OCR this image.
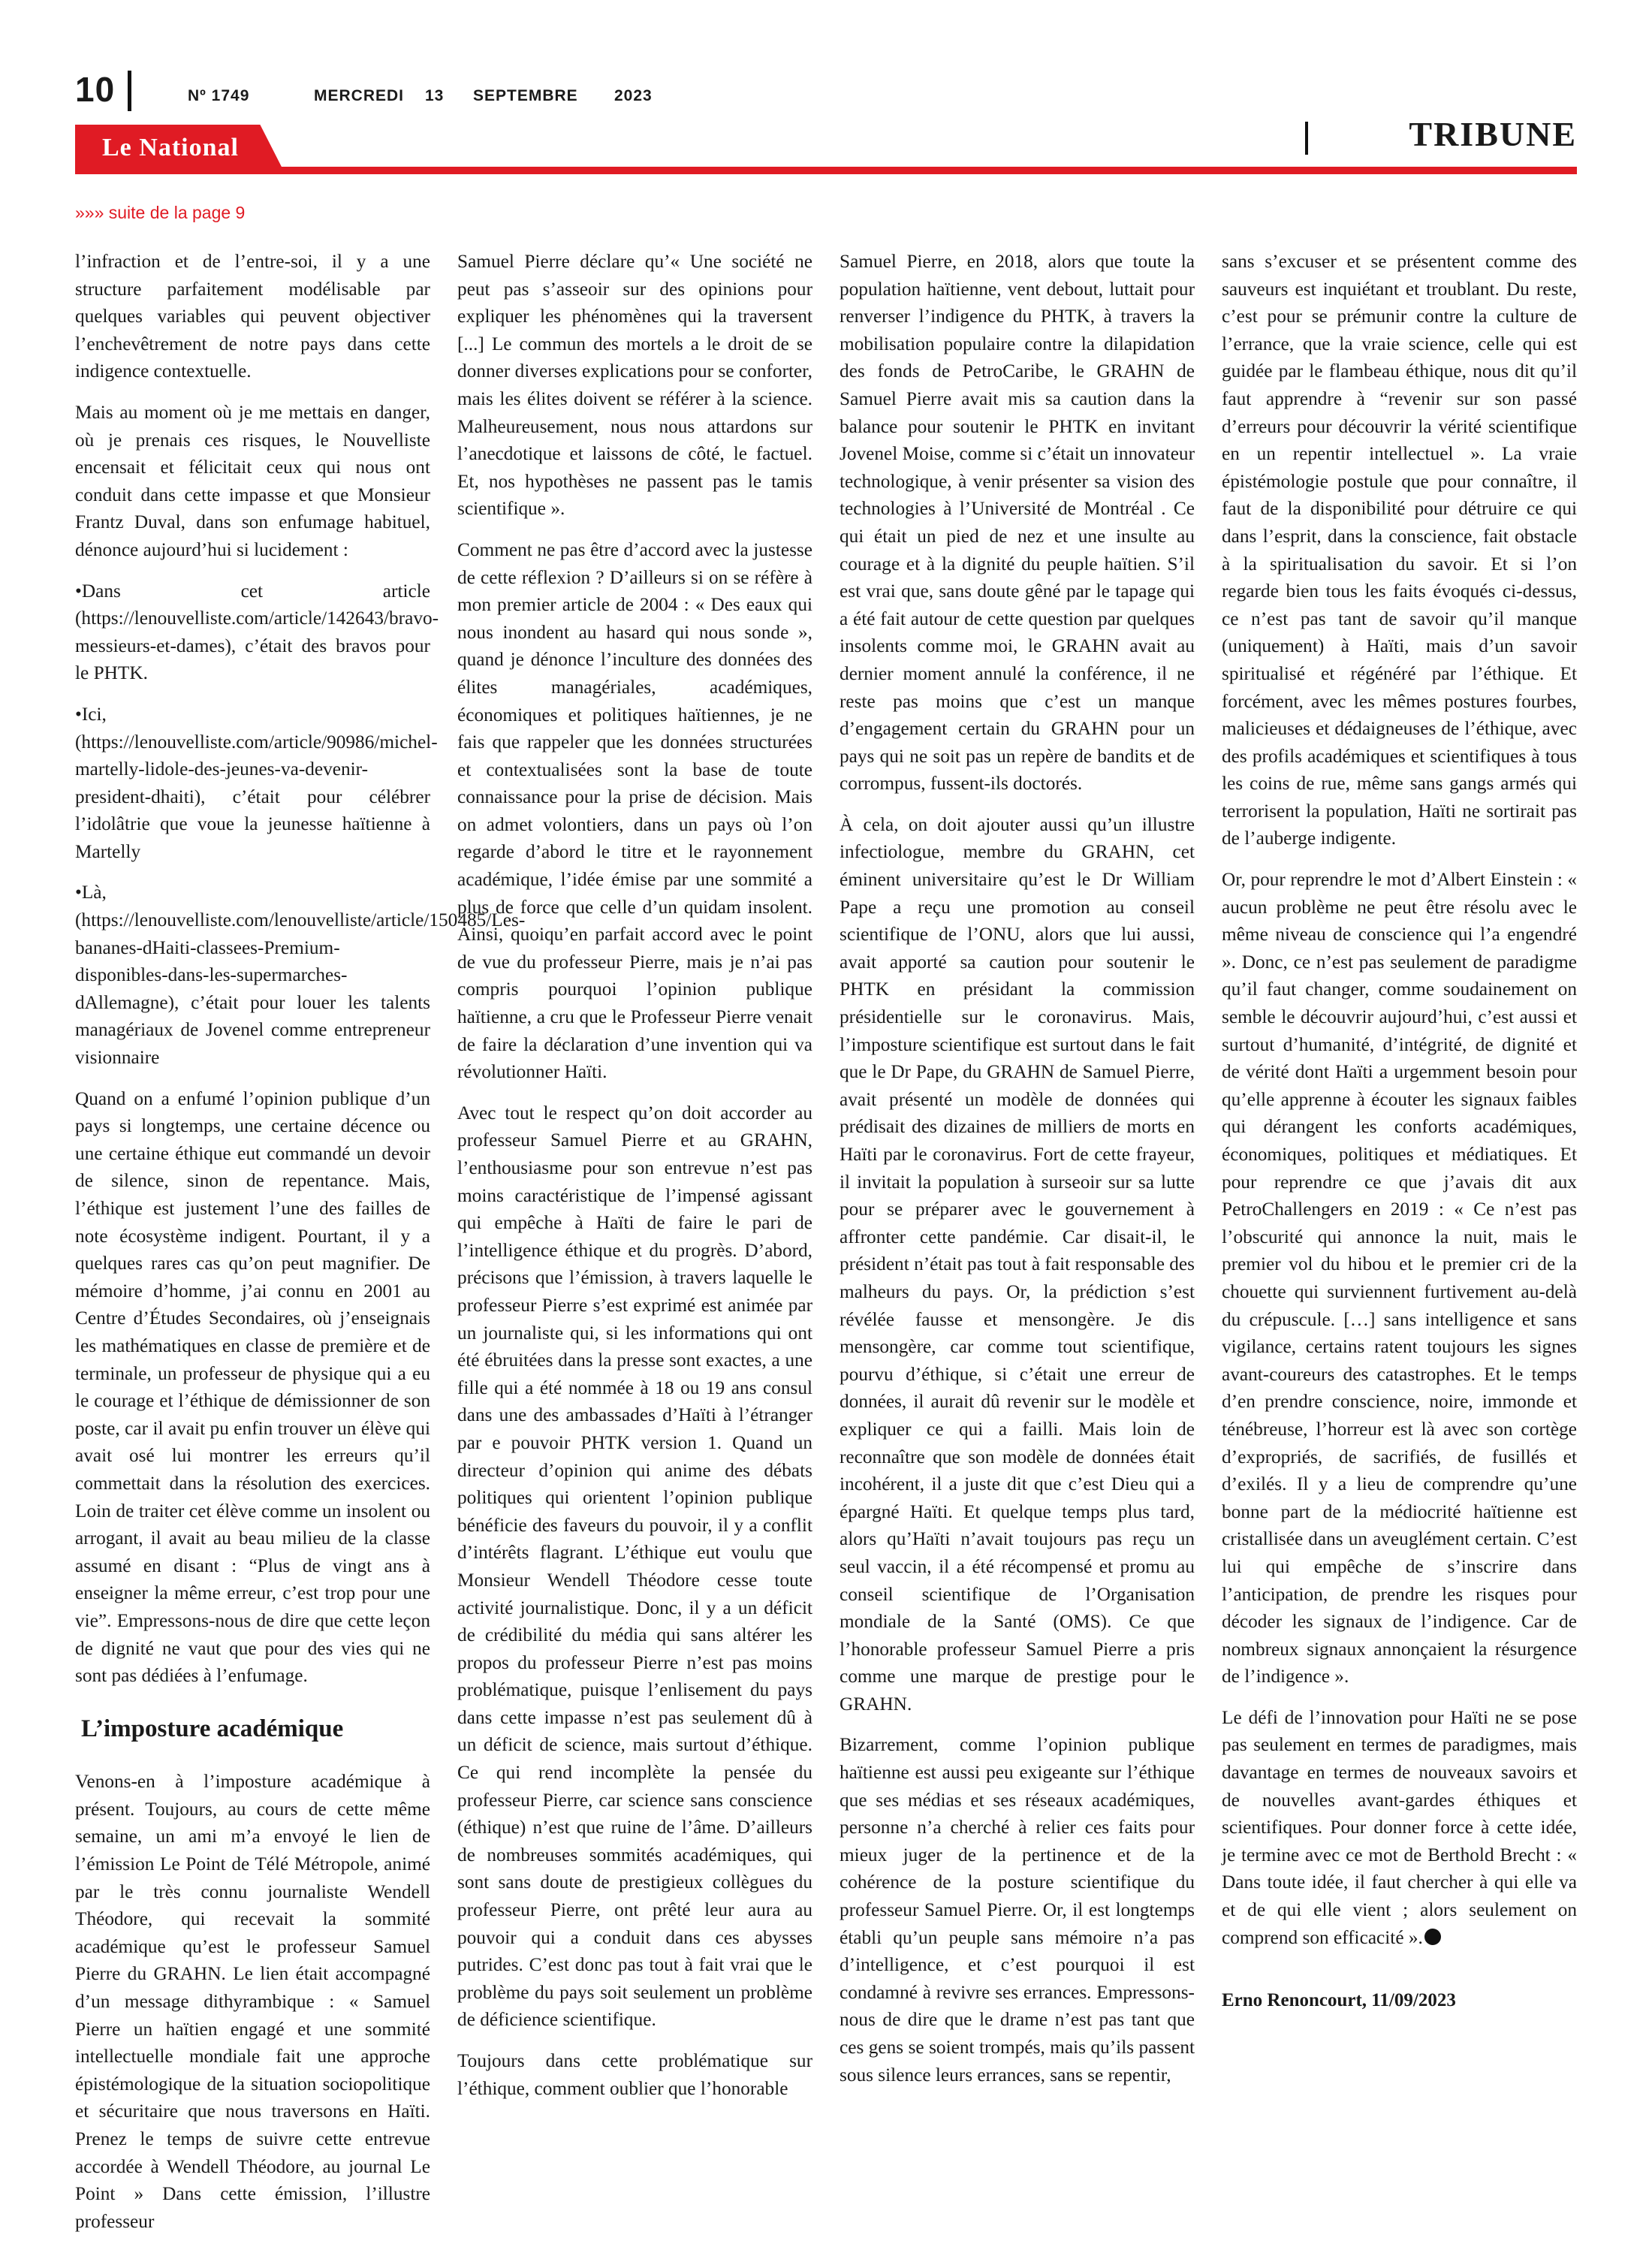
10	Nº 1749	MERCREDI 13 SEPTEMBRE 2023
Le National	TRIBUNE
»»» suite de la page 9

l’infraction et de l’entre-soi, il y a une structure parfaitement modélisable par quelques variables qui peuvent objectiver l’enchevêtrement de notre pays dans cette indigence contextuelle.

Mais au moment où je me mettais en danger, où je prenais ces risques, le Nouvelliste encensait et félicitait ceux qui nous ont conduit dans cette impasse et que Monsieur Frantz Duval, dans son enfumage habituel, dénonce aujourd’hui si lucidement :

•Dans cet article (https://lenouvelliste.com/article/142643/bravo-messieurs-et-dames), c’était des bravos pour le PHTK.

•Ici,(https://lenouvelliste.com/article/90986/michel-martelly-lidole-des-jeunes-va-devenir-president-dhaiti), c’était pour célébrer l’idolâtrie que voue la jeunesse haïtienne à Martelly

•Là,(https://lenouvelliste.com/lenouvelliste/article/150485/Les-bananes-dHaiti-classees-Premium-disponibles-dans-les-supermarches-dAllemagne), c’était pour louer les talents managériaux de Jovenel comme entrepreneur visionnaire

Quand on a enfumé l’opinion publique d’un pays si longtemps, une certaine décence ou une certaine éthique eut commandé un devoir de silence, sinon de repentance. Mais, l’éthique est justement l’une des failles de note écosystème indigent. Pourtant, il y a quelques rares cas qu’on peut magnifier. De mémoire d’homme, j’ai connu en 2001 au Centre d’Études Secondaires, où j’enseignais les mathématiques en classe de première et de terminale, un professeur de physique qui a eu le courage et l’éthique de démissionner de son poste, car il avait pu enfin trouver un élève qui avait osé lui montrer les erreurs qu’il commettait dans la résolution des exercices. Loin de traiter cet élève comme un insolent ou arrogant, il avait au beau milieu de la classe assumé en disant : “Plus de vingt ans à enseigner la même erreur, c’est trop pour une vie”. Empressons-nous de dire que cette leçon de dignité ne vaut que pour des vies qui ne sont pas dédiées à l’enfumage.

L’imposture académique

Venons-en à l’imposture académique à présent. Toujours, au cours de cette même semaine, un ami m’a envoyé le lien de l’émission Le Point de Télé Métropole, animé par le très connu journaliste Wendell Théodore, qui recevait la sommité académique qu’est le professeur Samuel Pierre du GRAHN. Le lien était accompagné d’un message dithyrambique : « Samuel Pierre un haïtien engagé et une sommité intellectuelle mondiale fait une approche épistémologique de la situation sociopolitique et sécuritaire que nous traversons en Haïti. Prenez le temps de suivre cette entrevue accordée à Wendell Théodore, au journal Le Point » Dans cette émission, l’illustre professeur

Samuel Pierre déclare qu’« Une société ne peut pas s’asseoir sur des opinions pour expliquer les phénomènes qui la traversent [...] Le commun des mortels a le droit de se donner diverses explications pour se conforter, mais les élites doivent se référer à la science. Malheureusement, nous nous attardons sur l’anecdotique et laissons de côté, le factuel. Et, nos hypothèses ne passent pas le tamis scientifique ».

Comment ne pas être d’accord avec la justesse de cette réflexion ? D’ailleurs si on se réfère à mon premier article de 2004 : « Des eaux qui nous inondent au hasard qui nous sonde », quand je dénonce l’inculture des données des élites managériales, académiques, économiques et politiques haïtiennes, je ne fais que rappeler que les données structurées et contextualisées sont la base de toute connaissance pour la prise de décision. Mais on admet volontiers, dans un pays où l’on regarde d’abord le titre et le rayonnement académique, l’idée émise par une sommité a plus de force que celle d’un quidam insolent. Ainsi, quoiqu’en parfait accord avec le point de vue du professeur Pierre, mais je n’ai pas compris pourquoi l’opinion publique haïtienne, a cru que le Professeur Pierre venait de faire la déclaration d’une invention qui va révolutionner Haïti.

Avec tout le respect qu’on doit accorder au professeur Samuel Pierre et au GRAHN, l’enthousiasme pour son entrevue n’est pas moins caractéristique de l’impensé agissant qui empêche à Haïti de faire le pari de l’intelligence éthique et du progrès. D’abord, précisons que l’émission, à travers laquelle le professeur Pierre s’est exprimé est animée par un journaliste qui, si les informations qui ont été ébruitées dans la presse sont exactes, a une fille qui a été nommée à 18 ou 19 ans consul dans une des ambassades d’Haïti à l’étranger par e pouvoir PHTK version 1. Quand un directeur d’opinion qui anime des débats politiques qui orientent l’opinion publique bénéficie des faveurs du pouvoir, il y a conflit d’intérêts flagrant. L’éthique eut voulu que Monsieur Wendell Théodore cesse toute activité journalistique. Donc, il y a un déficit de crédibilité du média qui sans altérer les propos du professeur Pierre n’est pas moins problématique, puisque l’enlisement du pays dans cette impasse n’est pas seulement dû à un déficit de science, mais surtout d’éthique. Ce qui rend incomplète la pensée du professeur Pierre, car science sans conscience (éthique) n’est que ruine de l’âme. D’ailleurs de nombreuses sommités académiques, qui sont sans doute de prestigieux collègues du professeur Pierre, ont prêté leur aura au pouvoir qui a conduit dans ces abysses putrides. C’est donc pas tout à fait vrai que le problème du pays soit seulement un problème de déficience scientifique.

Toujours dans cette problématique sur l’éthique, comment oublier que l’honorable

Samuel Pierre, en 2018, alors que toute la population haïtienne, vent debout, luttait pour renverser l’indigence du PHTK, à travers la mobilisation populaire contre la dilapidation des fonds de PetroCaribe, le GRAHN de Samuel Pierre avait mis sa caution dans la balance pour soutenir le PHTK en invitant Jovenel Moise, comme si c’était un innovateur technologique, à venir présenter sa vision des technologies à l’Université de Montréal . Ce qui était un pied de nez et une insulte au courage et à la dignité du peuple haïtien. S’il est vrai que, sans doute gêné par le tapage qui a été fait autour de cette question par quelques insolents comme moi, le GRAHN avait au dernier moment annulé la conférence, il ne reste pas moins que c’est un manque d’engagement certain du GRAHN pour un pays qui ne soit pas un repère de bandits et de corrompus, fussent-ils doctorés.

À cela, on doit ajouter aussi qu’un illustre infectiologue, membre du GRAHN, cet éminent universitaire qu’est le Dr William Pape a reçu une promotion au conseil scientifique de l’ONU, alors que lui aussi, avait apporté sa caution pour soutenir le PHTK en présidant la commission présidentielle sur le coronavirus. Mais, l’imposture scientifique est surtout dans le fait que le Dr Pape, du GRAHN de Samuel Pierre, avait présenté un modèle de données qui prédisait des dizaines de milliers de morts en Haïti par le coronavirus. Fort de cette frayeur, il invitait la population à surseoir sur sa lutte pour se préparer avec le gouvernement à affronter cette pandémie. Car disait-il, le président n’était pas tout à fait responsable des malheurs du pays. Or, la prédiction s’est révélée fausse et mensongère. Je dis mensongère, car comme tout scientifique, pourvu d’éthique, si c’était une erreur de données, il aurait dû revenir sur le modèle et expliquer ce qui a failli. Mais loin de reconnaître que son modèle de données était incohérent, il a juste dit que c’est Dieu qui a épargné Haïti. Et quelque temps plus tard, alors qu’Haïti n’avait toujours pas reçu un seul vaccin, il a été récompensé et promu au conseil scientifique de l’Organisation mondiale de la Santé (OMS). Ce que l’honorable professeur Samuel Pierre a pris comme une marque de prestige pour le GRAHN.

Bizarrement, comme l’opinion publique haïtienne est aussi peu exigeante sur l’éthique que ses médias et ses réseaux académiques, personne n’a cherché à relier ces faits pour mieux juger de la pertinence et de la cohérence de la posture scientifique du professeur Samuel Pierre. Or, il est longtemps établi qu’un peuple sans mémoire n’a pas d’intelligence, et c’est pourquoi il est condamné à revivre ses errances. Empressons-nous de dire que le drame n’est pas tant que ces gens se soient trompés, mais qu’ils passent sous silence leurs errances, sans se repentir,

sans s’excuser et se présentent comme des sauveurs est inquiétant et troublant. Du reste, c’est pour se prémunir contre la culture de l’errance, que la vraie science, celle qui est guidée par le flambeau éthique, nous dit qu’il faut apprendre à “revenir sur son passé d’erreurs pour découvrir la vérité scientifique en un repentir intellectuel ». La vraie épistémologie postule que pour connaître, il faut de la disponibilité pour détruire ce qui dans l’esprit, dans la conscience, fait obstacle à la spiritualisation du savoir. Et si l’on regarde bien tous les faits évoqués ci-dessus, ce n’est pas tant de savoir qu’il manque (uniquement) à Haïti, mais d’un savoir spiritualisé et régénéré par l’éthique. Et forcément, avec les mêmes postures fourbes, malicieuses et dédaigneuses de l’éthique, avec des profils académiques et scientifiques à tous les coins de rue, même sans gangs armés qui terrorisent la population, Haïti ne sortirait pas de l’auberge indigente.

Or, pour reprendre le mot d’Albert Einstein : « aucun problème ne peut être résolu avec le même niveau de conscience qui l’a engendré ». Donc, ce n’est pas seulement de paradigme qu’il faut changer, comme soudainement on semble le découvrir aujourd’hui, c’est aussi et surtout d’humanité, d’intégrité, de dignité et de vérité dont Haïti a urgemment besoin pour qu’elle apprenne à écouter les signaux faibles qui dérangent les conforts académiques, économiques, politiques et médiatiques. Et pour reprendre ce que j’avais dit aux PetroChallengers en 2019 : « Ce n’est pas l’obscurité qui annonce la nuit, mais le premier vol du hibou et le premier cri de la chouette qui surviennent furtivement au-delà du crépuscule. […] sans intelligence et sans vigilance, certains ratent toujours les signes avant-coureurs des catastrophes. Et le temps d’en prendre conscience, noire, immonde et ténébreuse, l’horreur est là avec son cortège d’expropriés, de sacrifiés, de fusillés et d’exilés. Il y a lieu de comprendre qu’une bonne part de la médiocrité haïtienne est cristallisée dans un aveuglément certain. C’est lui qui empêche de s’inscrire dans l’anticipation, de prendre les risques pour décoder les signaux de l’indigence. Car de nombreux signaux annonçaient la résurgence de l’indigence ».

Le défi de l’innovation pour Haïti ne se pose pas seulement en termes de paradigmes, mais davantage en termes de nouveaux savoirs et de nouvelles avant-gardes éthiques et scientifiques. Pour donner force à cette idée, je termine avec ce mot de Berthold Brecht : « Dans toute idée, il faut chercher à qui elle va et de qui elle vient ; alors seulement on comprend son efficacité ».

Erno Renoncourt, 11/09/2023
